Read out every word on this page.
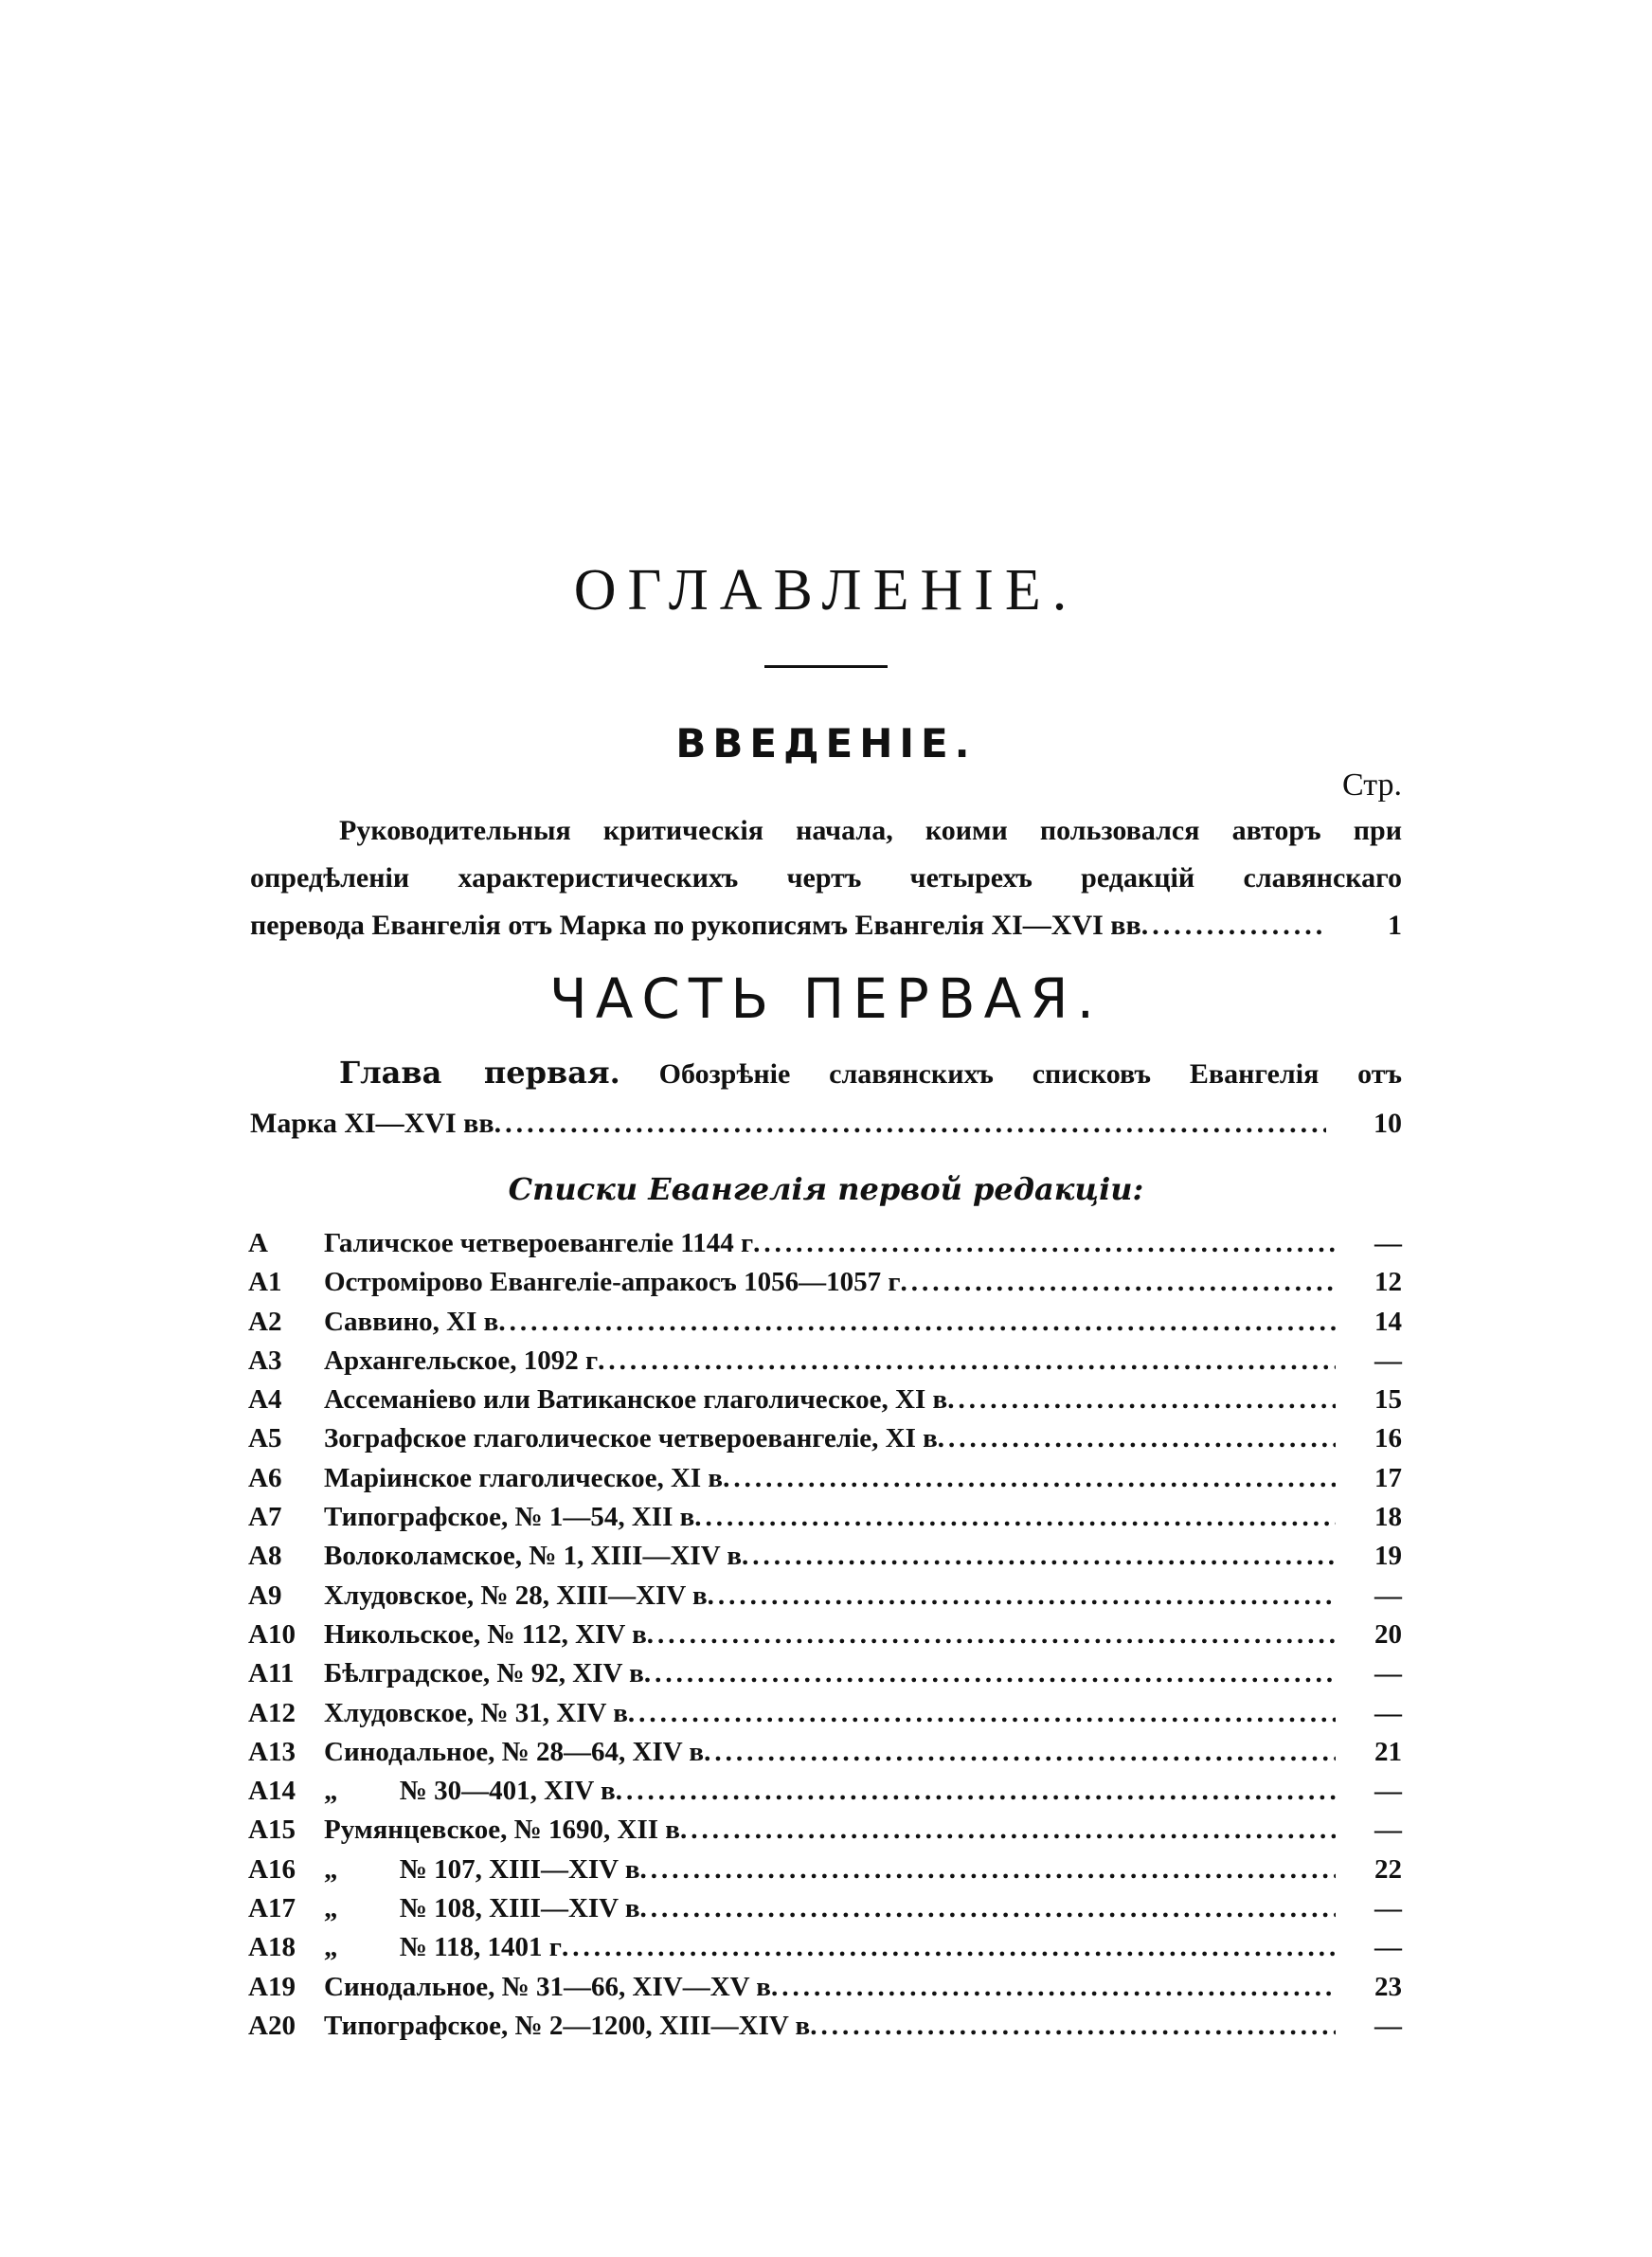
ОГЛАВЛЕНІЕ.
ВВЕДЕНІЕ.
Стр.
Руководительныя критическія начала, коими пользовался авторъ при
опредѣленіи характеристическихъ чертъ четырехъ редакцій славянскаго
перевода Евангелія отъ Марка по рукописямъ Евангелія XI—XVI вв .....	1
ЧАСТЬ ПЕРВАЯ.
Глава первая. Обозрѣніе славянскихъ списковъ Евангелія отъ
Марка XI—XVI вв .....	10
Списки Евангелія первой редакціи:
A	Галичское четвероевангеліе 1144 г .....	—
A1	Остромірово Евангеліе-апракосъ 1056—1057 г .....	12
A2	Саввино, XI в .....	14
A3	Архангельское, 1092 г .....	—
A4	Ассеманіево или Ватиканское глаголическое, XI в .....	15
A5	Зографское глаголическое четвероевангеліе, XI в .....	16
A6	Маріинское глаголическое, XI в .....	17
A7	Типографское, № 1—54, XII в .....	18
A8	Волоколамское, № 1, XIII—XIV в .....	19
A9	Хлудовское, № 28, XIII—XIV в .....	—
A10	Никольское, № 112, XIV в .....	20
A11	Бѣлградское, № 92, XIV в .....	—
A12	Хлудовское, № 31, XIV в .....	—
A13	Синодальное, № 28—64, XIV в .....	21
A14	„         № 30—401, XIV в .....	—
A15	Румянцевское, № 1690, XII в .....	—
A16	„         № 107, XIII—XIV в .....	22
A17	„         № 108, XIII—XIV в .....	—
A18	„         № 118, 1401 г .....	—
A19	Синодальное, № 31—66, XIV—XV в .....	23
A20	Типографское, № 2—1200, XIII—XIV в .....	—
